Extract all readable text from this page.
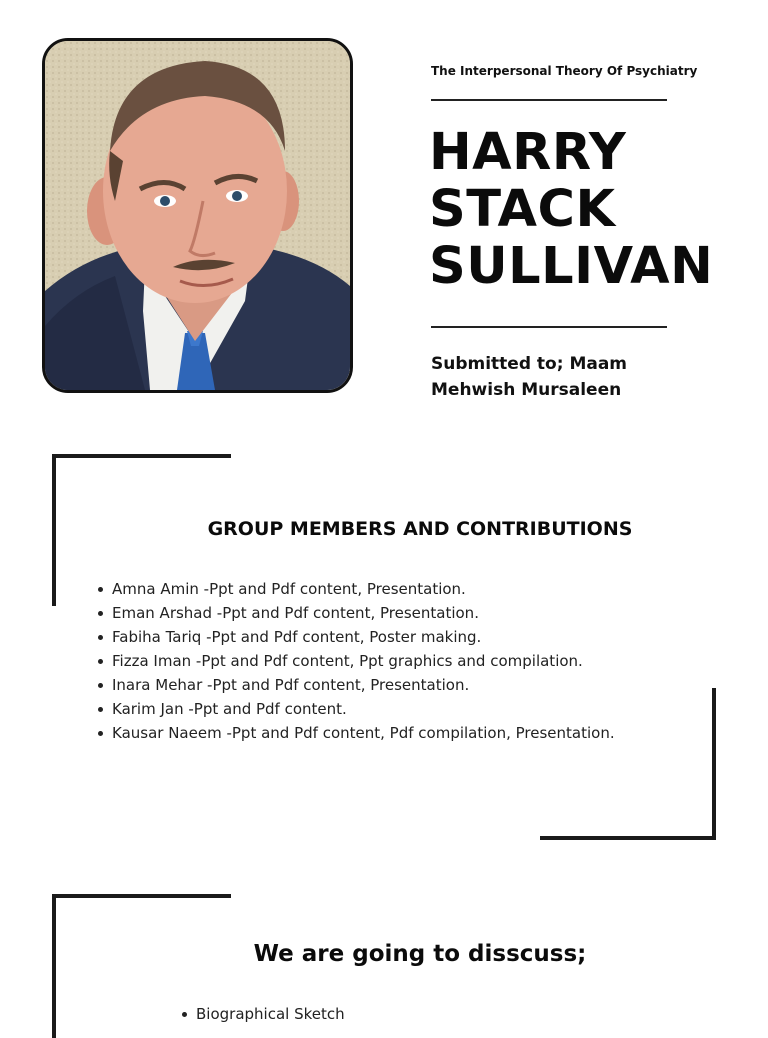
The Interpersonal Theory Of Psychiatry
HARRY
STACK
SULLIVAN
Submitted to; Maam
Mehwish Mursaleen
GROUP MEMBERS AND CONTRIBUTIONS
Amna Amin -Ppt and Pdf content, Presentation.
Eman Arshad -Ppt and Pdf content, Presentation.
Fabiha Tariq -Ppt and Pdf content, Poster making.
Fizza Iman -Ppt and Pdf content, Ppt graphics and compilation.
Inara Mehar -Ppt and Pdf content, Presentation.
Karim Jan -Ppt and Pdf content.
Kausar Naeem -Ppt and Pdf content, Pdf compilation, Presentation.
We are going to disscuss;
Biographical Sketch
